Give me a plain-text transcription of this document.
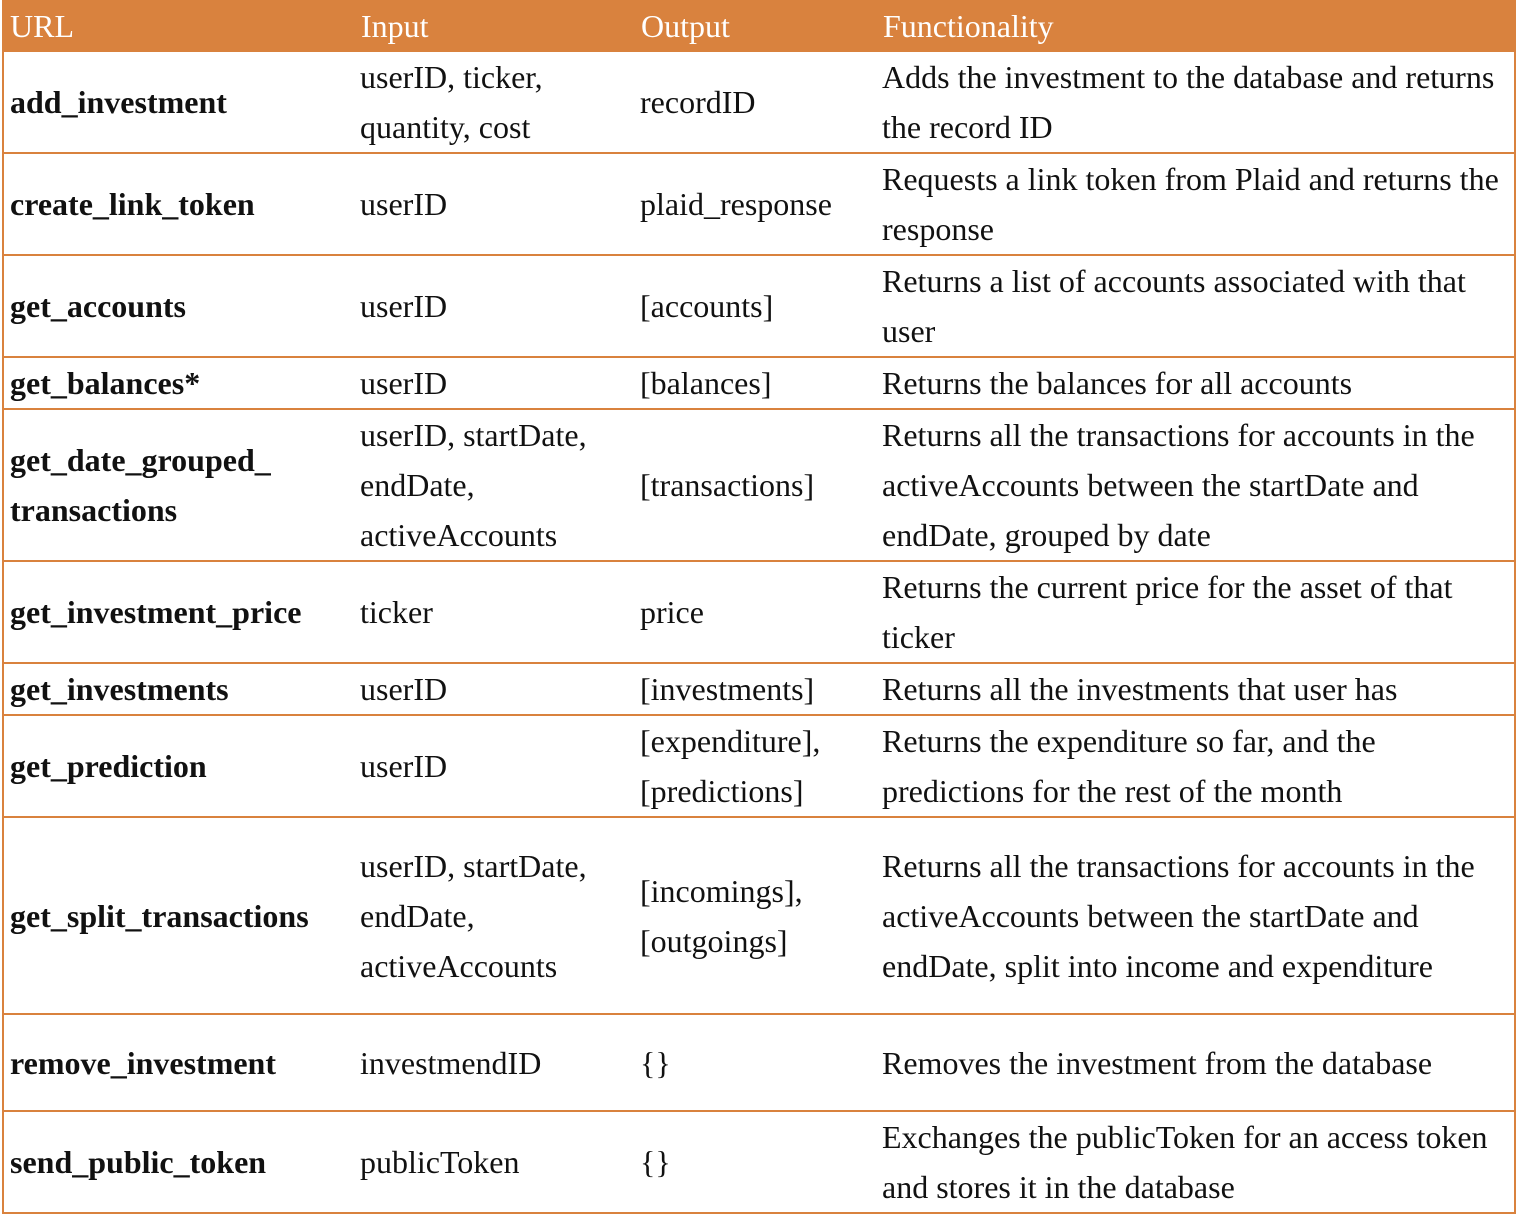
URL	Input	Output	Functionality
add_investment	userID, ticker, quantity, cost	recordID	Adds the investment to the database and returns the record ID
create_link_token	userID	plaid_response	Requests a link token from Plaid and returns the response
get_accounts	userID	[accounts]	Returns a list of accounts associated with that user
get_balances*	userID	[balances]	Returns the balances for all accounts
get_date_grouped_ transactions	userID, startDate, endDate, activeAccounts	[transactions]	Returns all the transactions for accounts in the activeAccounts between the startDate and endDate, grouped by date
get_investment_price	ticker	price	Returns the current price for the asset of that ticker
get_investments	userID	[investments]	Returns all the investments that user has
get_prediction	userID	[expenditure], [predictions]	Returns the expenditure so far, and the predictions for the rest of the month
get_split_transactions	userID, startDate, endDate, activeAccounts	[incomings], [outgoings]	Returns all the transactions for accounts in the activeAccounts between the startDate and endDate, split into income and expenditure
remove_investment	investmendID	{}	Removes the investment from the database
send_public_token	publicToken	{}	Exchanges the publicToken for an access token and stores it in the database
